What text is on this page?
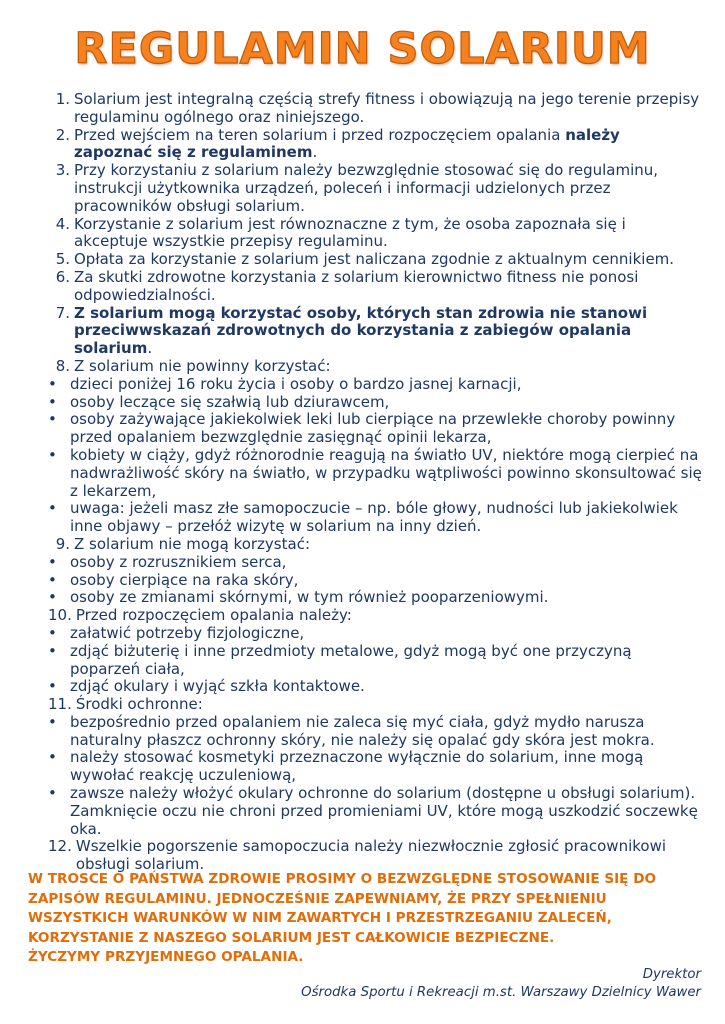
REGULAMIN SOLARIUM
1. Solarium jest integralną częścią strefy fitness i obowiązują na jego terenie przepisy regulaminu ogólnego oraz niniejszego.
2. Przed wejściem na teren solarium i przed rozpoczęciem opalania należy zapoznać się z regulaminem.
3. Przy korzystaniu z solarium należy bezwzględnie stosować się do regulaminu, instrukcji użytkownika urządzeń, poleceń i informacji udzielonych przez pracowników obsługi solarium.
4. Korzystanie z solarium jest równoznaczne z tym, że osoba zapoznała się i akceptuje wszystkie przepisy regulaminu.
5. Opłata za korzystanie z solarium jest naliczana zgodnie z aktualnym cennikiem.
6. Za skutki zdrowotne korzystania z solarium kierownictwo fitness nie ponosi odpowiedzialności.
7. Z solarium mogą korzystać osoby, których stan zdrowia nie stanowi przeciwwskazań zdrowotnych do korzystania z zabiegów opalania solarium.
8. Z solarium nie powinny korzystać:
• dzieci poniżej 16 roku życia i osoby o bardzo jasnej karnacji,
• osoby leczące się szałwią lub dziurawcem,
• osoby zażywające jakiekolwiek leki lub cierpiące na przewlekłe choroby powinny przed opalaniem bezwzględnie zasięgnąć opinii lekarza,
• kobiety w ciąży, gdyż różnorodnie reagują na światło UV, niektóre mogą cierpieć na nadwrażliwość skóry na światło, w przypadku wątpliwości powinno skonsultować się z lekarzem,
• uwaga: jeżeli masz złe samopoczucie – np. bóle głowy, nudności lub jakiekolwiek inne objawy – przełóż wizytę w solarium na inny dzień.
9. Z solarium nie mogą korzystać:
• osoby z rozrusznikiem serca,
• osoby cierpiące na raka skóry,
• osoby ze zmianami skórnymi, w tym również pooparzeniowymi.
10. Przed rozpoczęciem opalania należy:
• załatwić potrzeby fizjologiczne,
• zdjąć biżuterię i inne przedmioty metalowe, gdyż mogą być one przyczyną poparzeń ciała,
• zdjąć okulary i wyjąć szkła kontaktowe.
11. Środki ochronne:
• bezpośrednio przed opalaniem nie zaleca się myć ciała, gdyż mydło narusza naturalny płaszcz ochronny skóry, nie należy się opalać gdy skóra jest mokra.
• należy stosować kosmetyki przeznaczone wyłącznie do solarium, inne mogą wywołać reakcję uczuleniową,
• zawsze należy włożyć okulary ochronne do solarium (dostępne u obsługi solarium). Zamknięcie oczu nie chroni przed promieniami UV, które mogą uszkodzić soczewkę oka.
12. Wszelkie pogorszenie samopoczucia należy niezwłocznie zgłosić pracownikowi obsługi solarium.
W TROSCE O PAŃSTWA ZDROWIE PROSIMY O BEZWZGLĘDNE STOSOWANIE SIĘ DO
ZAPISÓW REGULAMINU. JEDNOCZEŚNIE ZAPEWNIAMY, ŻE PRZY SPEŁNIENIU
WSZYSTKICH WARUNKÓW W NIM ZAWARTYCH I PRZESTRZEGANIU ZALECEŃ,
KORZYSTANIE Z NASZEGO SOLARIUM JEST CAŁKOWICIE BEZPIECZNE.
ŻYCZYMY PRZYJEMNEGO OPALANIA.
Dyrektor
Ośrodka Sportu i Rekreacji m.st. Warszawy Dzielnicy Wawer
